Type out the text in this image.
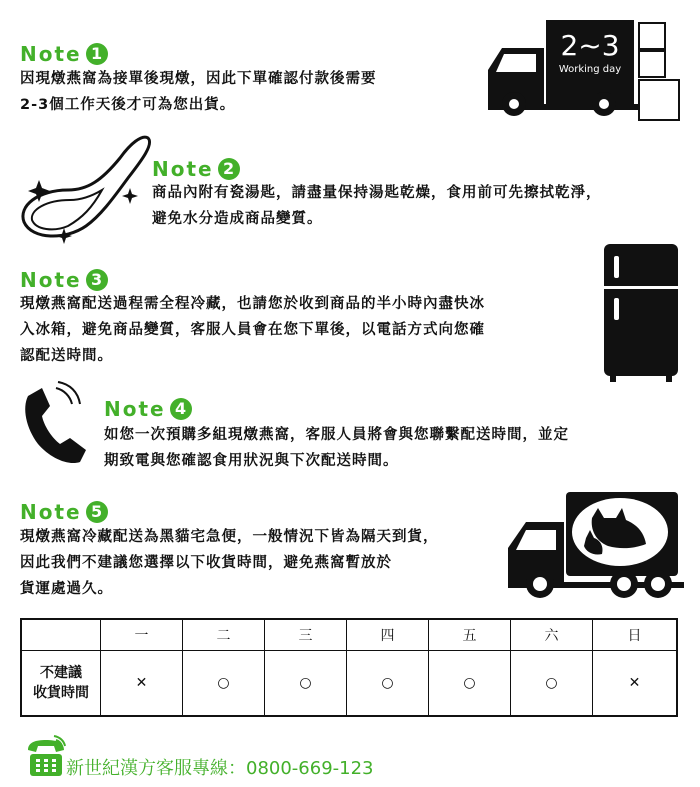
Note 1
因現燉燕窩為接單後現燉，因此下單確認付款後需要
2-3個工作天後才可為您出貨。
2~3
Working day
Note 2
商品內附有瓷湯匙，請盡量保持湯匙乾燥，食用前可先擦拭乾淨，
避免水分造成商品變質。
Note 3
現燉燕窩配送過程需全程冷藏，也請您於收到商品的半小時內盡快冰
入冰箱，避免商品變質，客服人員會在您下單後，以電話方式向您確
認配送時間。
Note 4
如您一次預購多組現燉燕窩，客服人員將會與您聯繫配送時間，並定
期致電與您確認食用狀況與下次配送時間。
Note 5
現燉燕窩冷藏配送為黑貓宅急便，一般情況下皆為隔天到貨，
因此我們不建議您選擇以下收貨時間，避免燕窩暫放於
貨運處過久。
	一	二	三	四	五	六	日

不建議
收貨時間	✕	○	○	○	○	○	✕
新世紀漢方客服專線：0800-669-123
